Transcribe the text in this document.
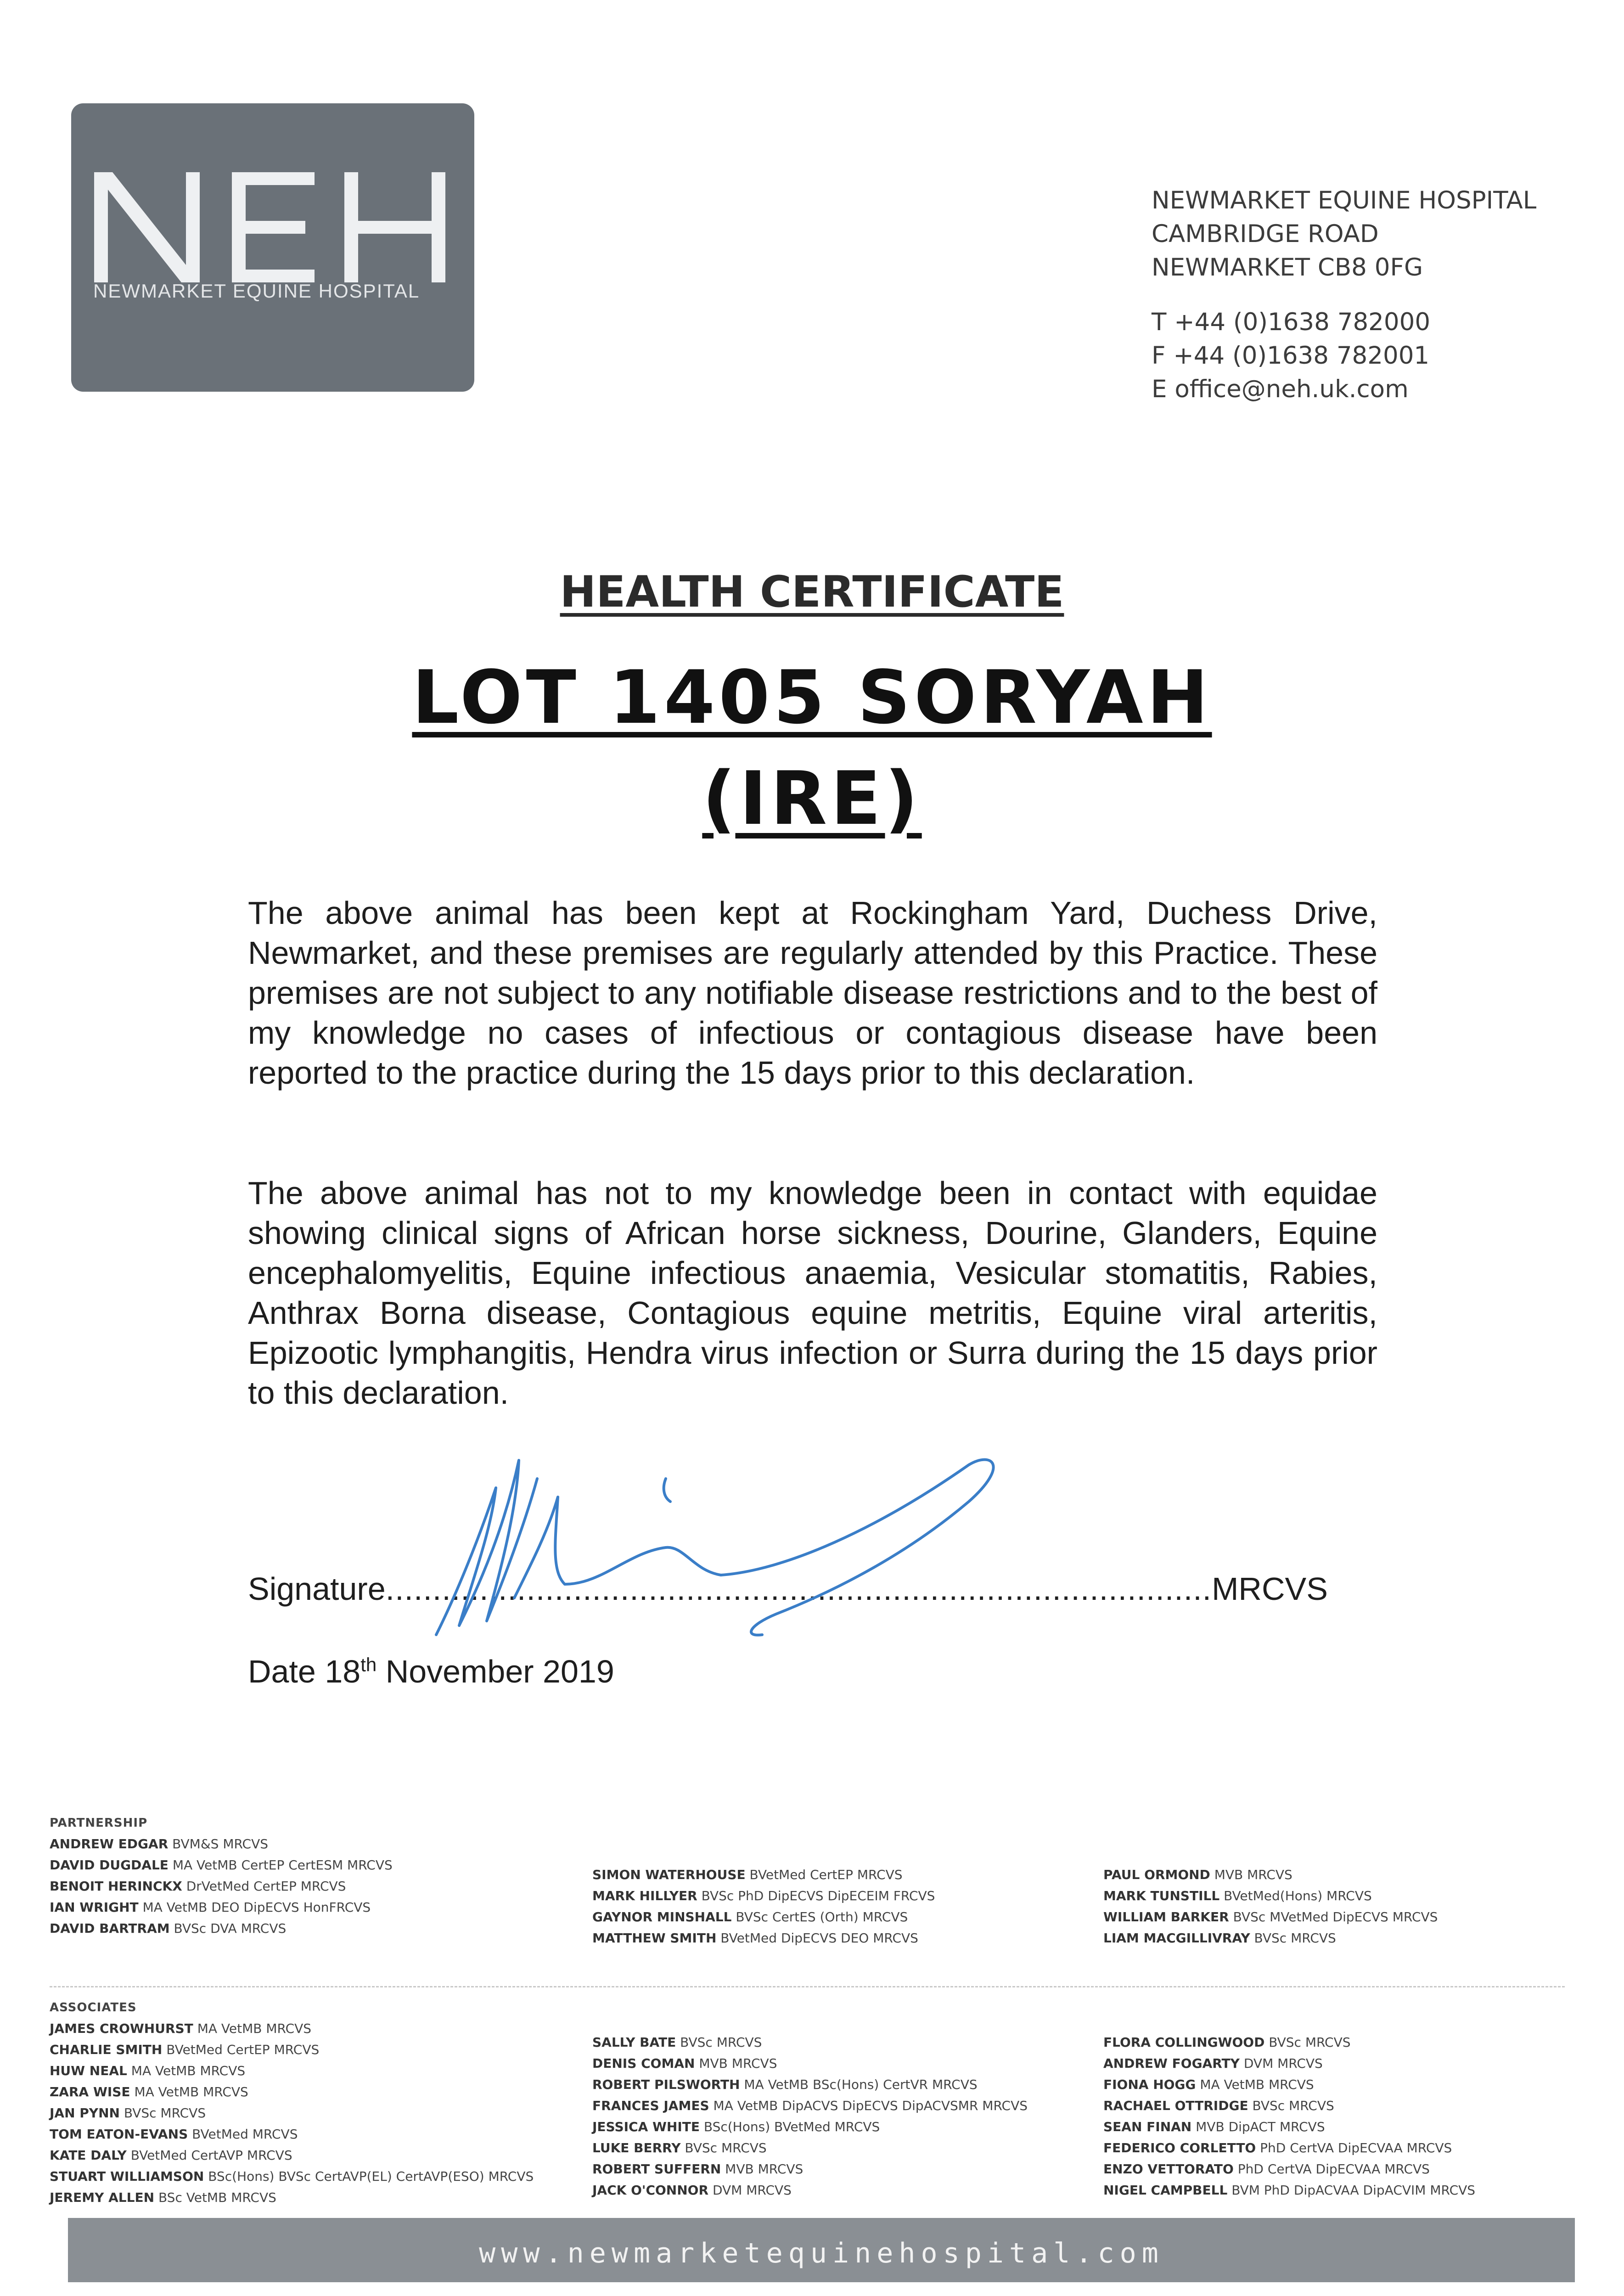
NEWMARKET EQUINE HOSPITAL
NEWMARKET EQUINE HOSPITAL
CAMBRIDGE ROAD
NEWMARKET CB8 0FG
T +44 (0)1638 782000
F +44 (0)1638 782001
E office@neh.uk.com
HEALTH CERTIFICATE
LOT 1405 SORYAH
(IRE)
The above animal has been kept at Rockingham Yard, Duchess Drive, Newmarket, and these premises are regularly attended by this Practice. These premises are not subject to any notifiable disease restrictions and to the best of my knowledge no cases of infectious or contagious disease have been reported to the practice during the 15 days prior to this declaration.
The above animal has not to my knowledge been in contact with equidae showing clinical signs of African horse sickness, Dourine, Glanders, Equine encephalomyelitis, Equine infectious anaemia, Vesicular stomatitis, Rabies, Anthrax Borna disease, Contagious equine metritis, Equine viral arteritis, Epizootic lymphangitis, Hendra virus infection or Surra during the 15 days prior to this declaration.
Signature........................................................................................MRCVS
Date 18th November 2019
PARTNERSHIP
ANDREW EDGAR BVM&S MRCVS
DAVID DUGDALE MA VetMB CertEP CertESM MRCVS
BENOIT HERINCKX DrVetMed CertEP MRCVS
IAN WRIGHT MA VetMB DEO DipECVS HonFRCVS
DAVID BARTRAM BVSc DVA MRCVS
SIMON WATERHOUSE BVetMed CertEP MRCVS
MARK HILLYER BVSc PhD DipECVS DipECEIM FRCVS
GAYNOR MINSHALL BVSc CertES (Orth) MRCVS
MATTHEW SMITH BVetMed DipECVS DEO MRCVS
PAUL ORMOND MVB MRCVS
MARK TUNSTILL BVetMed(Hons) MRCVS
WILLIAM BARKER BVSc MVetMed DipECVS MRCVS
LIAM MACGILLIVRAY BVSc MRCVS
ASSOCIATES
JAMES CROWHURST MA VetMB MRCVS
CHARLIE SMITH BVetMed CertEP MRCVS
HUW NEAL MA VetMB MRCVS
ZARA WISE MA VetMB MRCVS
JAN PYNN BVSc MRCVS
TOM EATON-EVANS BVetMed MRCVS
KATE DALY BVetMed CertAVP MRCVS
STUART WILLIAMSON BSc(Hons) BVSc CertAVP(EL) CertAVP(ESO) MRCVS
JEREMY ALLEN BSc VetMB MRCVS
SALLY BATE BVSc MRCVS
DENIS COMAN MVB MRCVS
ROBERT PILSWORTH MA VetMB BSc(Hons) CertVR MRCVS
FRANCES JAMES MA VetMB DipACVS DipECVS DipACVSMR MRCVS
JESSICA WHITE BSc(Hons) BVetMed MRCVS
LUKE BERRY BVSc MRCVS
ROBERT SUFFERN MVB MRCVS
JACK O'CONNOR DVM MRCVS
FLORA COLLINGWOOD BVSc MRCVS
ANDREW FOGARTY DVM MRCVS
FIONA HOGG MA VetMB MRCVS
RACHAEL OTTRIDGE BVSc MRCVS
SEAN FINAN MVB DipACT MRCVS
FEDERICO CORLETTO PhD CertVA DipECVAA MRCVS
ENZO VETTORATO PhD CertVA DipECVAA MRCVS
NIGEL CAMPBELL BVM PhD DipACVAA DipACVIM MRCVS
www.newmarketequinehospital.com
